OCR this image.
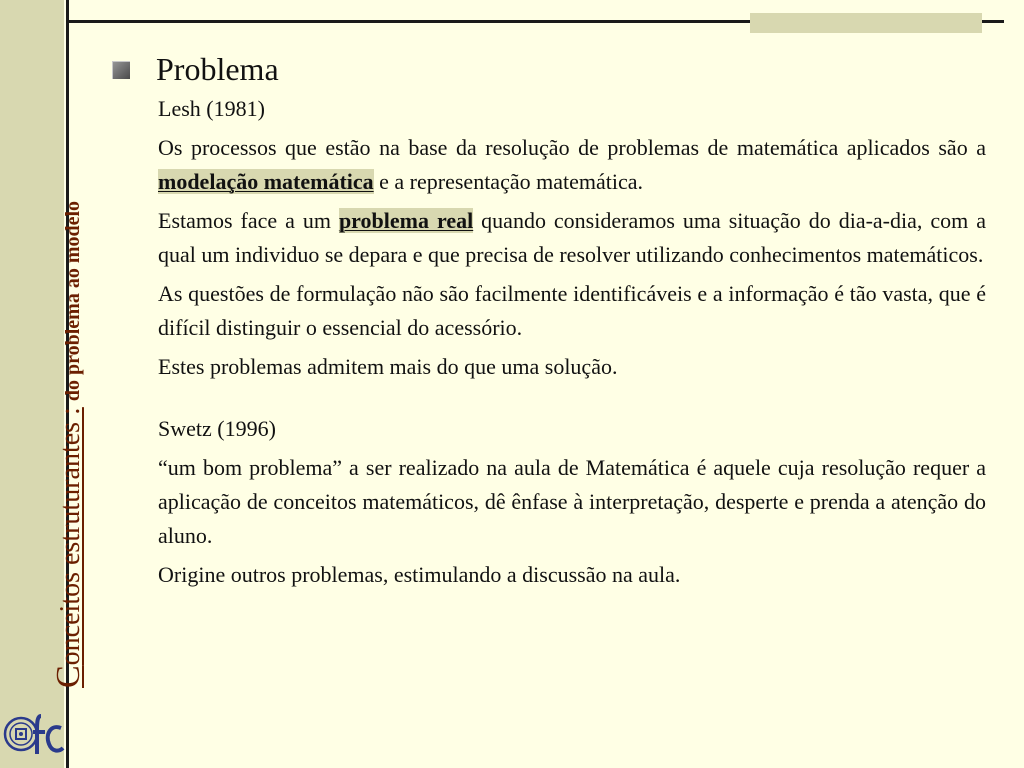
Conceitos estruturantes :do problema ao modelo
Problema

Lesh (1981)

Os processos que estão na base da resolução de problemas de matemática aplicados são a modelação matemática e a representação matemática.

Estamos face a um problema real quando consideramos uma situação do dia-a-dia, com a qual um individuo se depara e que precisa de resolver utilizando conhecimentos matemáticos.

As questões de formulação não são facilmente identificáveis e a informação é tão vasta, que é difícil distinguir o essencial do acessório.

Estes problemas admitem mais do que uma solução.

Swetz (1996)

“um bom problema” a ser realizado na aula de Matemática é aquele cuja resolução requer a aplicação de conceitos matemáticos, dê ênfase à interpretação, desperte e prenda a atenção do aluno.

Origine outros problemas, estimulando a discussão na aula.
